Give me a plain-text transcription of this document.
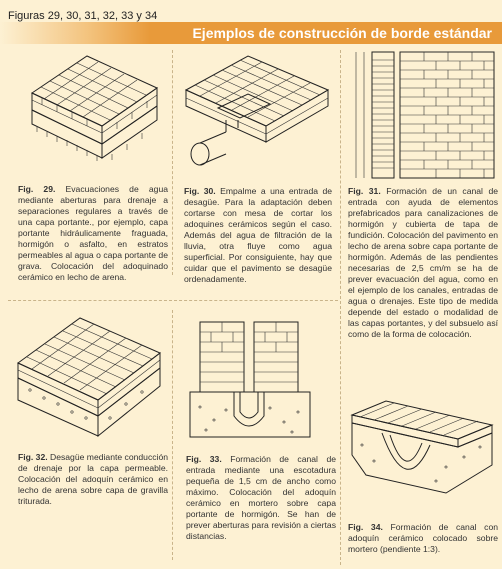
Figuras 29, 30, 31, 32, 33 y 34
Ejemplos de construcción de borde estándar
Fig. 29. Evacuaciones de agua mediante aberturas para drenaje a separaciones regulares a través de una capa portante., por ejemplo, capa portante hidráulicamente fraguada, hormigón o asfalto, en estratos permeables al agua o capa portante de grava. Colocación del adoquinado cerámico en lecho de arena.
Fig. 30. Empalme a una entrada de desagüe. Para la adaptación deben cortarse con mesa de cortar los adoquines cerámicos según el caso. Además del agua de filtración de la lluvia, otra fluye como agua superficial. Por consiguiente, hay que cuidar que el pavimento se desagüe ordenadamente.
Fig. 31. Formación de un canal de entrada con ayuda de elementos prefabricados para canalizaciones de hormigón y cubierta de tapa de fundición. Colocación del pavimento en lecho de arena sobre capa portante de hormigón. Además de las pendientes necesarias de 2,5 cm/m se ha de prever evacuación del agua, como en el ejemplo de los canales, entradas de agua o drenajes. Este tipo de medida depende del estado o modalidad de las capas portantes, y del subsuelo así como de la forma de colocación.
Fig. 32. Desagüe mediante conducción de drenaje por la capa permeable. Colocación del adoquín cerámico en lecho de arena sobre capa de gravilla triturada.
Fig. 33. Formación de canal de entrada mediante una escotadura pequeña de 1,5 cm de ancho como máximo. Colocación del adoquín cerámico en mortero sobre capa portante de hormigón. Se han de prever aberturas para revisión a ciertas distancias.
Fig. 34. Formación de canal con adoquín cerámico colocado sobre mortero (pendiente 1:3).
